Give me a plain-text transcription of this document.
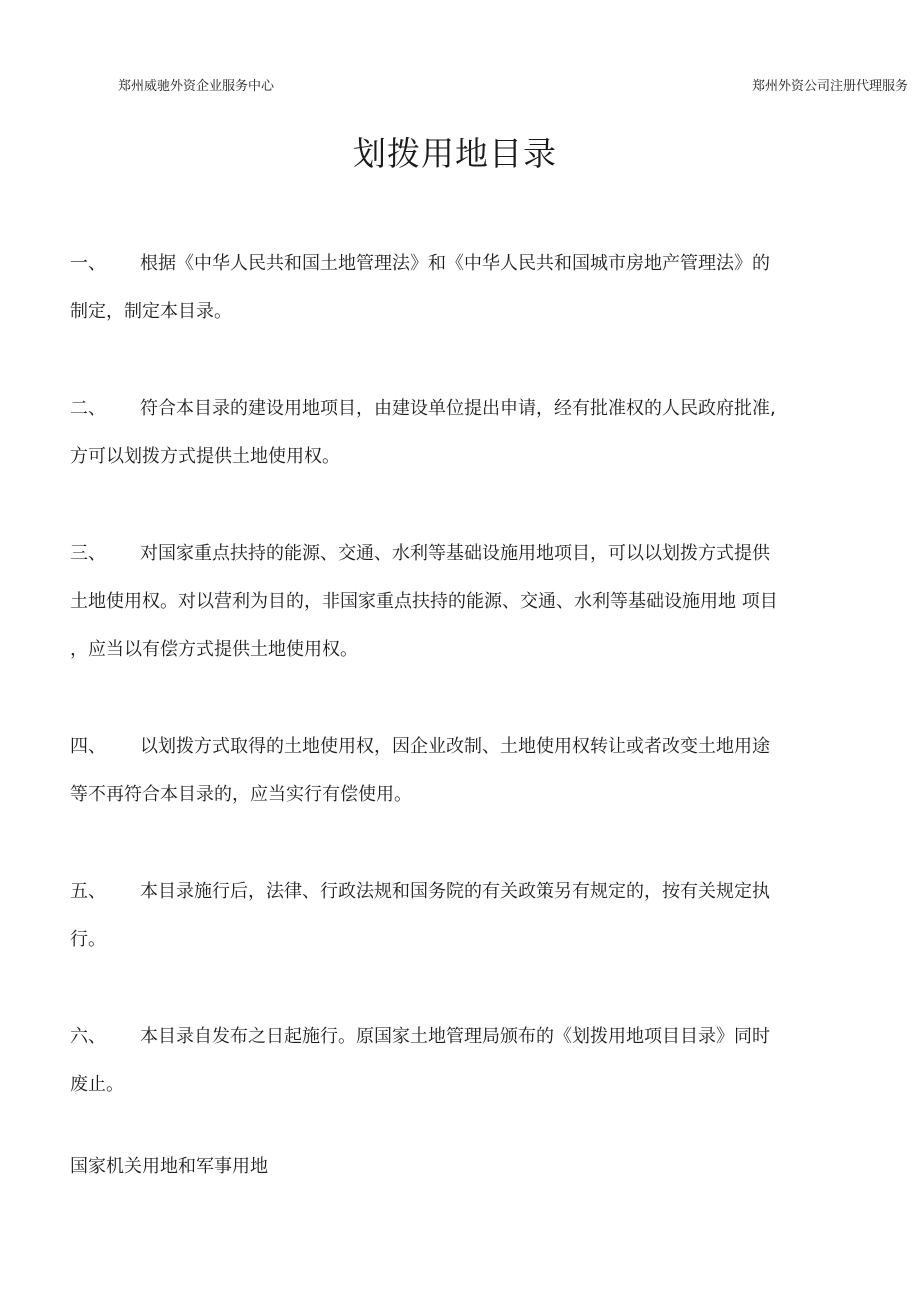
郑州威驰外资企业服务中心	郑州外资公司注册代理服务
划拨用地目录
一、 根据《中华人民共和国土地管理法》和《中华人民共和国城市房地产管理法》的
制定，制定本目录。
二、 符合本目录的建设用地项目，由建设单位提出申请，经有批准权的人民政府批准,
方可以划拨方式提供土地使用权。
三、 对国家重点扶持的能源、交通、水利等基础设施用地项目，可以以划拨方式提供
土地使用权。对以营利为目的，非国家重点扶持的能源、交通、水利等基础设施用地 项目
，应当以有偿方式提供土地使用权。
四、 以划拨方式取得的土地使用权，因企业改制、土地使用权转让或者改变土地用途
等不再符合本目录的，应当实行有偿使用。
五、 本目录施行后，法律、行政法规和国务院的有关政策另有规定的，按有关规定执
行。
六、 本目录自发布之日起施行。原国家土地管理局颁布的《划拨用地项目目录》同时
废止。
国家机关用地和军事用地
